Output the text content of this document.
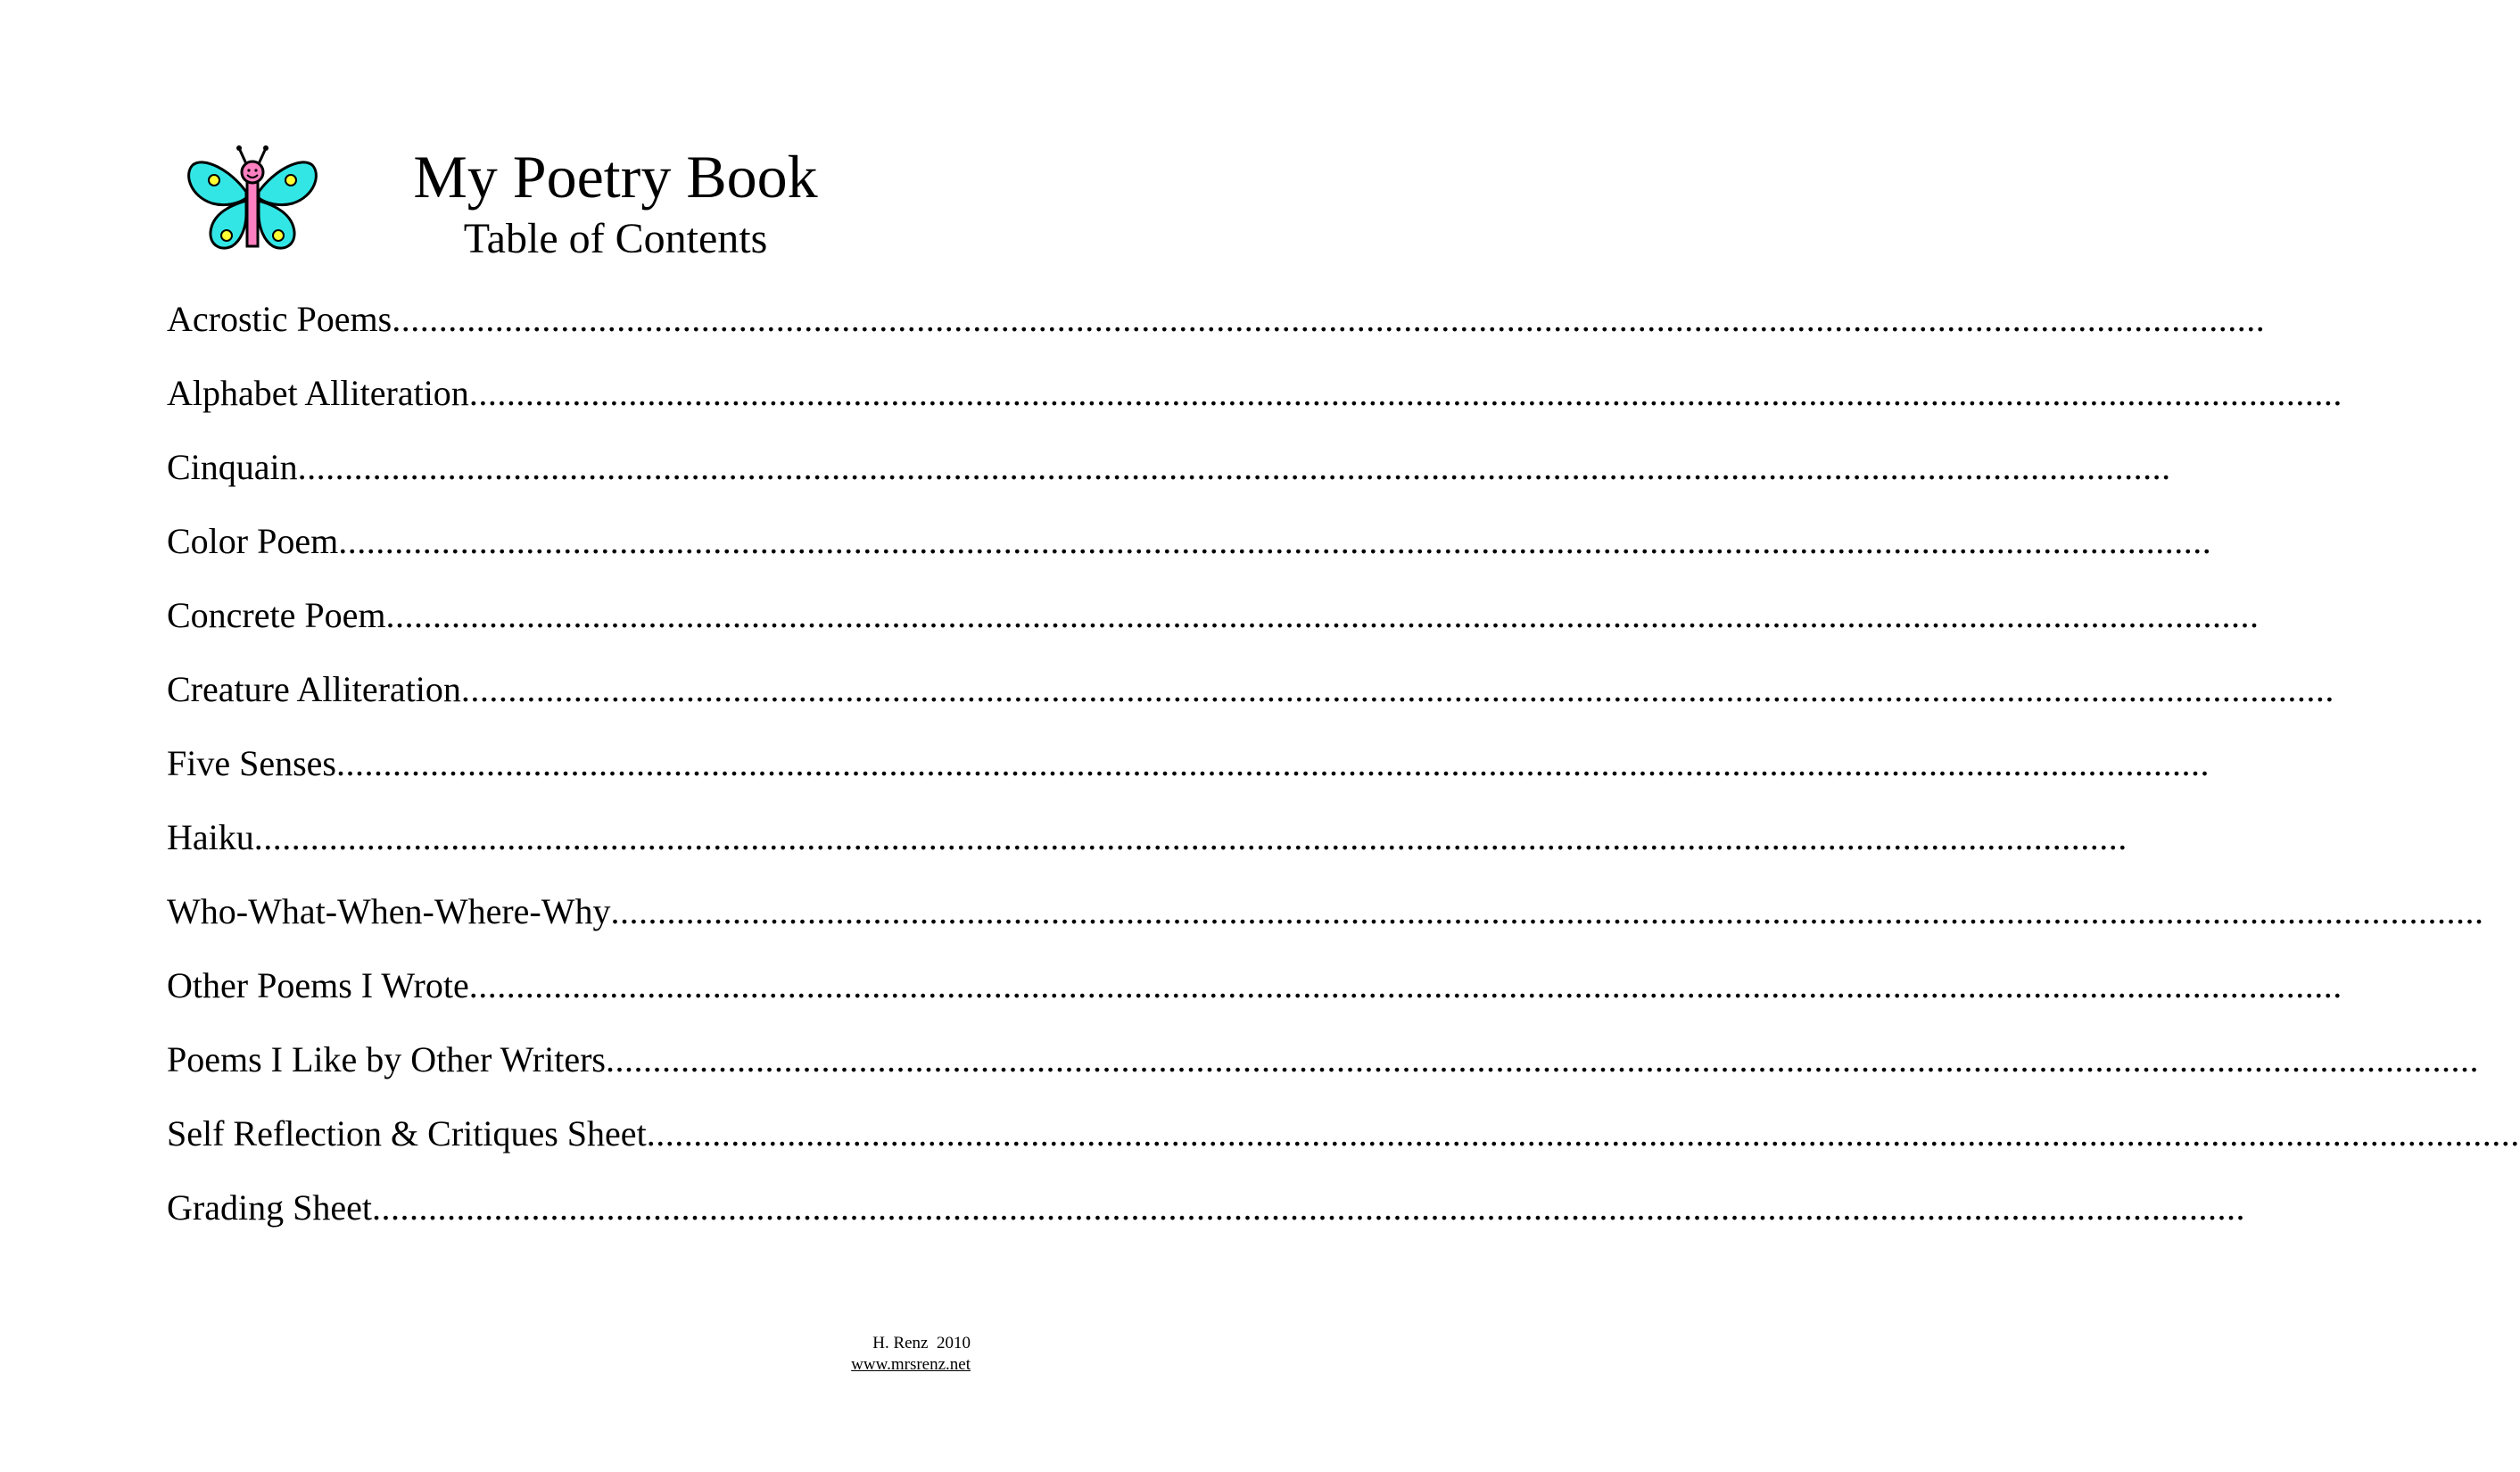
My Poetry Book
Table of Contents
Acrostic Poems ........................................................................................................................................................................................................
Alphabet Alliteration ........................................................................................................................................................................................................
Cinquain ........................................................................................................................................................................................................
Color Poem ........................................................................................................................................................................................................
Concrete Poem ........................................................................................................................................................................................................
Creature Alliteration ........................................................................................................................................................................................................
Five Senses ........................................................................................................................................................................................................
Haiku ........................................................................................................................................................................................................
Who-What-When-Where-Why ........................................................................................................................................................................................................
Other Poems I Wrote ........................................................................................................................................................................................................
Poems I Like by Other Writers ........................................................................................................................................................................................................
Self Reflection & Critiques Sheet ........................................................................................................................................................................................................
Grading Sheet ........................................................................................................................................................................................................
H. Renz  2010
www.mrsrenz.net
